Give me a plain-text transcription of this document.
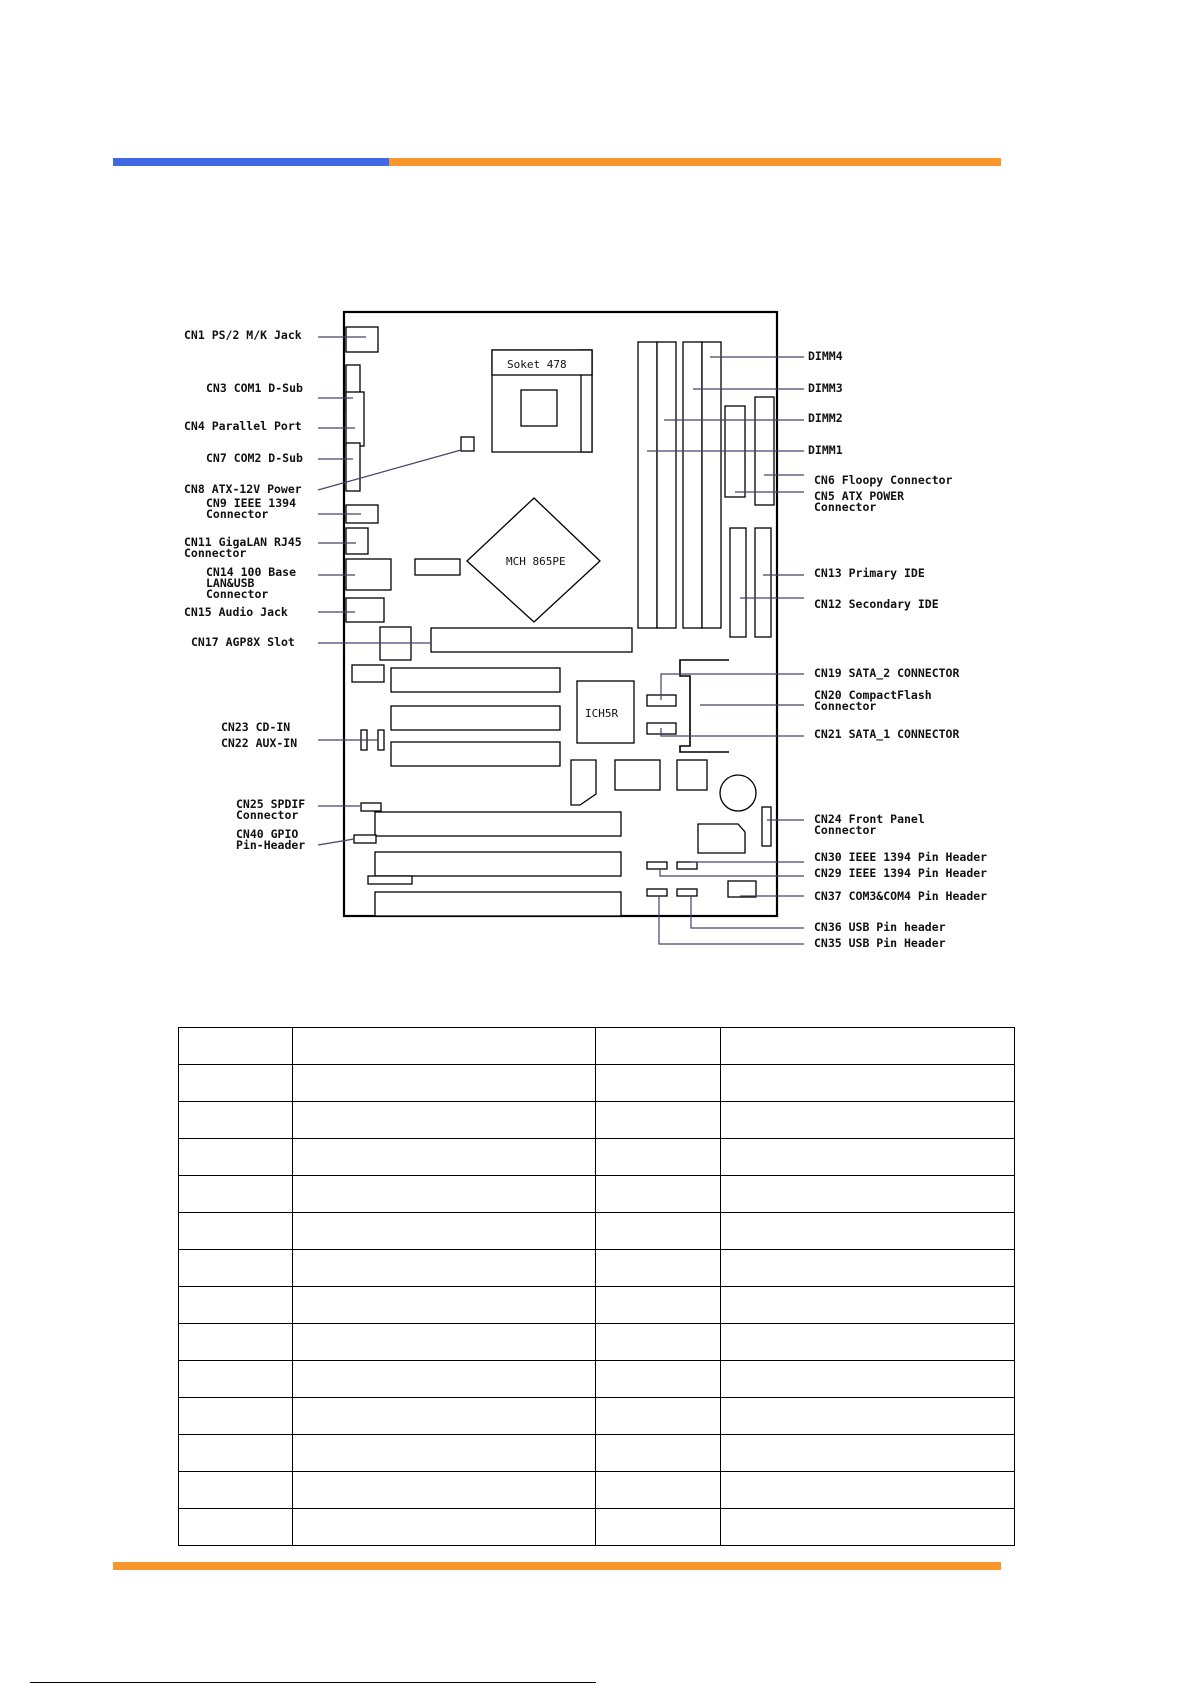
Soket 478
MCH 865PE
ICH5R
CN1 PS/2 M/K Jack
CN3 COM1 D-Sub
CN4 Parallel Port
CN7 COM2 D-Sub
CN8 ATX-12V Power
CN9 IEEE 1394
Connector
CN11 GigaLAN RJ45
Connector
CN14 100 Base
LAN&USB
Connector
CN15 Audio Jack
CN17 AGP8X Slot
CN23 CD-IN
CN22 AUX-IN
CN25 SPDIF
Connector
CN40 GPIO
Pin-Header
DIMM4
DIMM3
DIMM2
DIMM1
CN6 Floopy Connector
CN5 ATX POWER
Connector
CN13 Primary IDE
CN12 Secondary IDE
CN19 SATA_2 CONNECTOR
CN20 CompactFlash
Connector
CN21 SATA_1 CONNECTOR
CN24 Front Panel
Connector
CN30 IEEE 1394 Pin Header
CN29 IEEE 1394 Pin Header
CN37 COM3&COM4 Pin Header
CN36 USB Pin header
CN35 USB Pin Header
